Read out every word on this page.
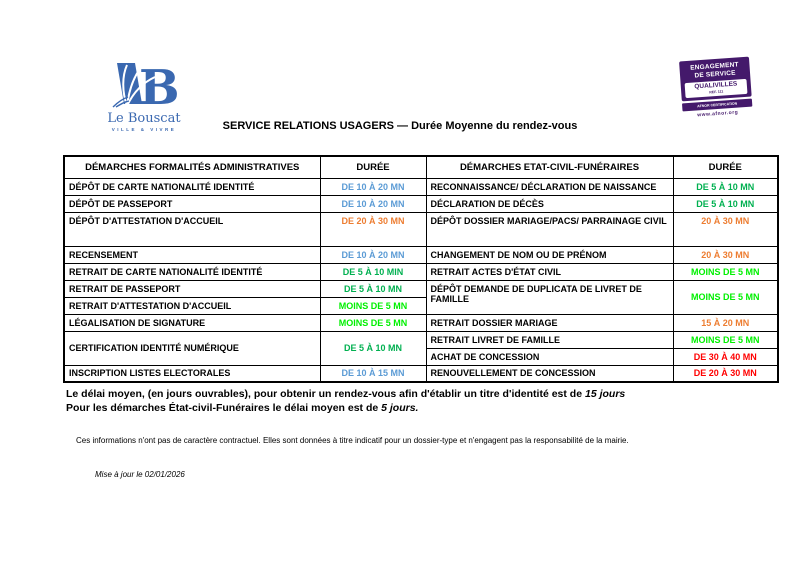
B
Le Bouscat
VILLE & VIVRE
ENGAGEMENT
DE SERVICE
QUALIVILLES
REF. 111
AFNOR CERTIFICATION
www.afnor.org
SERVICE RELATIONS USAGERS — Durée Moyenne du rendez-vous
DÉMARCHES FORMALITÉS ADMINISTRATIVES	DURÉE	DÉMARCHES ETAT-CIVIL-FUNÉRAIRES	DURÉE
DÉPÔT DE CARTE NATIONALITÉ IDENTITÉ	DE 10 À 20 MN	RECONNAISSANCE/ DÉCLARATION DE NAISSANCE	DE 5 À 10 MN
DÉPÔT DE PASSEPORT	DE 10 À 20 MN	DÉCLARATION DE DÉCÈS	DE 5 À 10 MN
DÉPÔT D'ATTESTATION D'ACCUEIL	DE 20 À 30 MN	DÉPÔT DOSSIER MARIAGE/PACS/ PARRAINAGE CIVIL	20 À 30 MN
RECENSEMENT	DE 10 À 20 MN	CHANGEMENT DE NOM OU DE PRÉNOM	20 À 30 MN
RETRAIT DE CARTE NATIONALITÉ IDENTITÉ	DE 5 À 10 MIN	RETRAIT ACTES D'ÉTAT CIVIL	MOINS DE 5 MN
RETRAIT DE PASSEPORT	DE 5 À 10 MN	DÉPÔT DEMANDE DE DUPLICATA DE LIVRET DE FAMILLE	MOINS DE 5 MN
RETRAIT D'ATTESTATION D'ACCUEIL	MOINS DE 5 MN		
LÉGALISATION DE SIGNATURE	MOINS DE 5 MN	RETRAIT DOSSIER MARIAGE	15 À 20 MN
CERTIFICATION IDENTITÉ NUMÉRIQUE	DE 5 À 10 MN	RETRAIT LIVRET DE FAMILLE	MOINS DE 5 MN
		ACHAT DE CONCESSION	DE 30 À 40 MN
INSCRIPTION LISTES ELECTORALES	DE 10 À 15 MN	RENOUVELLEMENT DE CONCESSION	DE 20 À 30 MN
Le délai moyen, (en jours ouvrables), pour obtenir un rendez-vous afin d'établir un titre d'identité est de 15 jours
Pour les démarches État-civil-Funéraires le délai moyen est de 5 jours.
Ces informations n'ont pas de caractère contractuel. Elles sont données à titre indicatif pour un dossier-type et n'engagent pas la responsabilité de la mairie.
Mise à jour le 02/01/2026
